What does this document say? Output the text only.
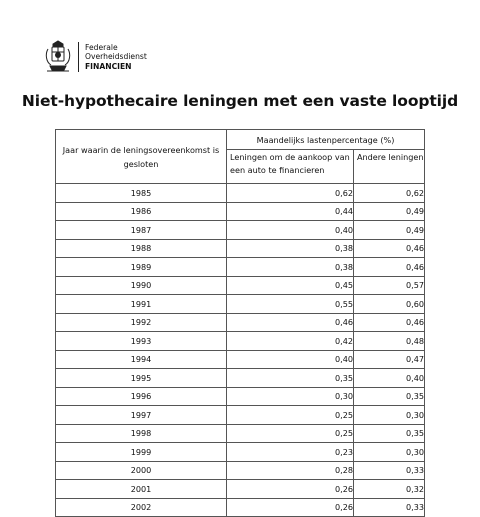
Federale
Overheidsdienst
FINANCIEN
Niet-hypothecaire leningen met een vaste looptijd
Jaar waarin de leningsovereenkomst is gesloten	Maandelijks lastenpercentage (%)	
	Leningen om de aankoop van een auto te financieren	Andere leningen
1985	0,62	0,62
1986	0,44	0,49
1987	0,40	0,49
1988	0,38	0,46
1989	0,38	0,46
1990	0,45	0,57
1991	0,55	0,60
1992	0,46	0,46
1993	0,42	0,48
1994	0,40	0,47
1995	0,35	0,40
1996	0,30	0,35
1997	0,25	0,30
1998	0,25	0,35
1999	0,23	0,30
2000	0,28	0,33
2001	0,26	0,32
2002	0,26	0,33
